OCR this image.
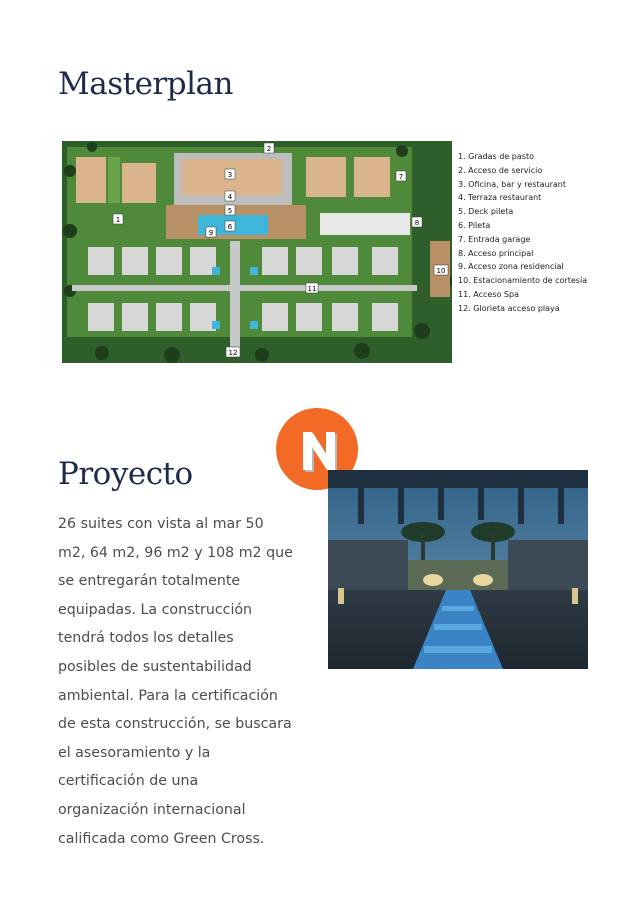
Masterplan
1
2
3
4
5
6
7
8
9
10
11
12
1. Gradas de pasto
2. Acceso de servicio
3. Oficina, bar y restaurant
4. Terraza restaurant
5. Deck pileta
6. Pileta
7. Entrada garage
8. Acceso principal
9. Acceso zona residencial
10. Estacionamiento de cortesía
11. Acceso Spa
12. Glorieta acceso playa
Proyecto

26 suites con vista al mar 50 m2, 64 m2, 96 m2 y 108 m2 que se entregarán totalmente equipadas. La construcción tendrá todos los detalles posibles de sustentabilidad ambiental. Para la certificación de esta construcción, se buscara el asesoramiento y la certificación de una organización internacional calificada como Green Cross.
